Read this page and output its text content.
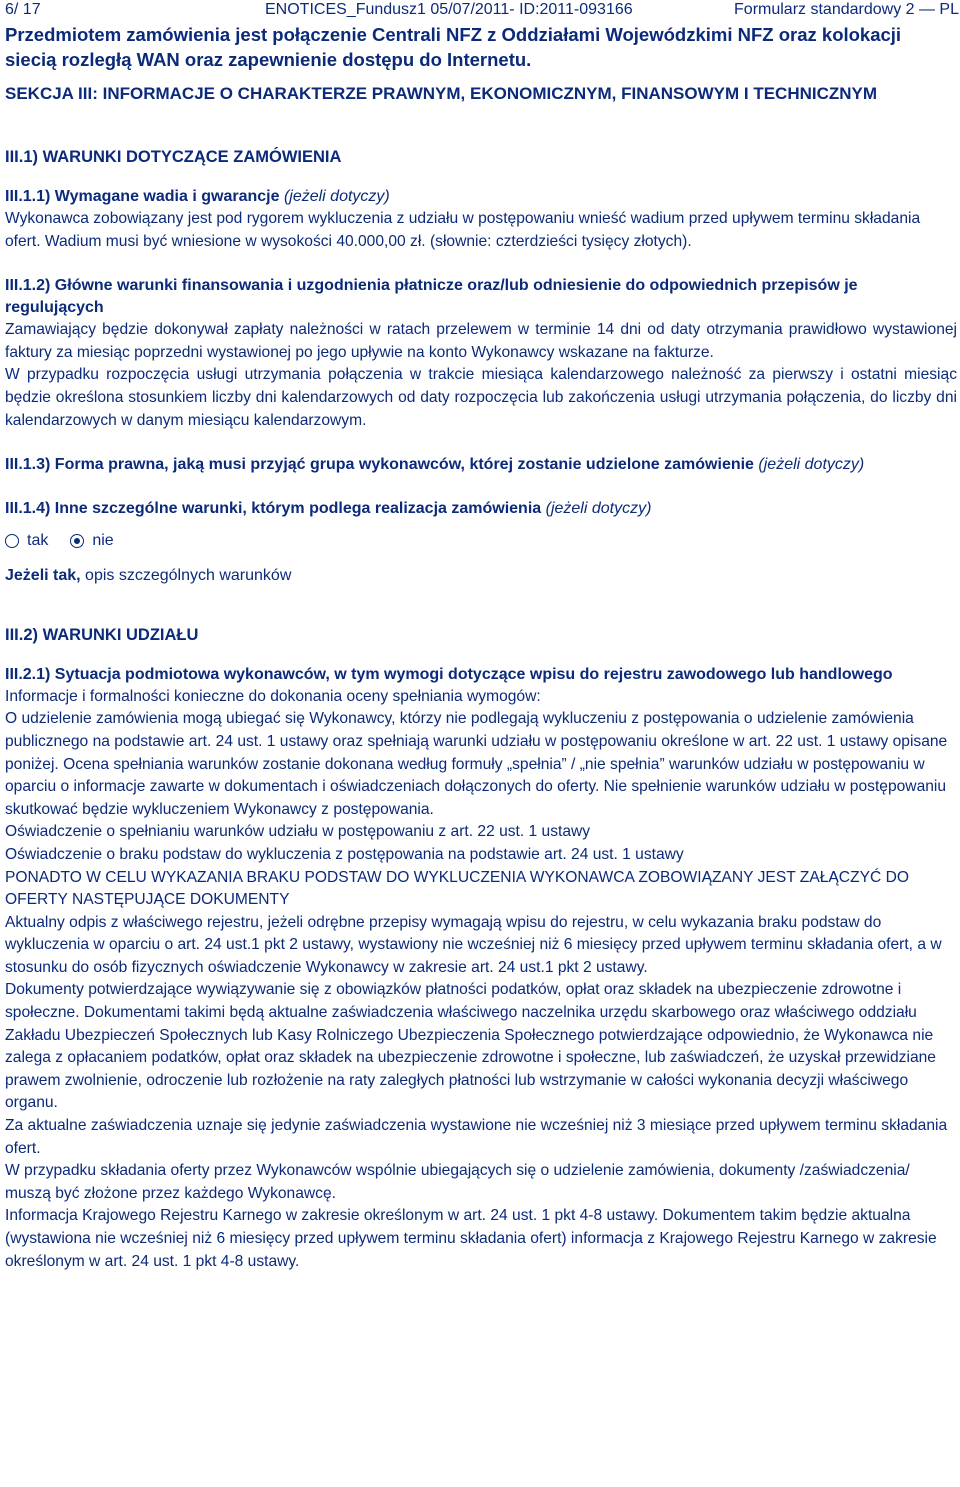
6/ 17	ENOTICES_Fundusz1 05/07/2011- ID:2011-093166	Formularz standardowy 2 — PL
Przedmiotem zamówienia jest połączenie Centrali NFZ z Oddziałami Wojewódzkimi NFZ oraz kolokacji siecią rozległą WAN oraz zapewnienie dostępu do Internetu.
SEKCJA III: INFORMACJE O CHARAKTERZE PRAWNYM, EKONOMICZNYM, FINANSOWYM I TECHNICZNYM
III.1) WARUNKI DOTYCZĄCE ZAMÓWIENIA
III.1.1) Wymagane wadia i gwarancje (jeżeli dotyczy)
Wykonawca zobowiązany jest pod rygorem wykluczenia z udziału w postępowaniu wnieść wadium przed upływem terminu składania ofert. Wadium musi być wniesione w wysokości 40.000,00 zł. (słownie: czterdzieści tysięcy złotych).
III.1.2) Główne warunki finansowania i uzgodnienia płatnicze oraz/lub odniesienie do odpowiednich przepisów je regulujących
Zamawiający będzie dokonywał zapłaty należności w ratach przelewem w terminie 14 dni od daty otrzymania prawidłowo wystawionej faktury za miesiąc poprzedni wystawionej po jego upływie na konto Wykonawcy wskazane na fakturze.
W przypadku rozpoczęcia usługi utrzymania połączenia w trakcie miesiąca kalendarzowego należność za pierwszy i ostatni miesiąc będzie określona stosunkiem liczby dni kalendarzowych od daty rozpoczęcia lub zakończenia usługi utrzymania połączenia, do liczby dni kalendarzowych w danym miesiącu kalendarzowym.
III.1.3) Forma prawna, jaką musi przyjąć grupa wykonawców, której zostanie udzielone zamówienie (jeżeli dotyczy)
III.1.4) Inne szczególne warunki, którym podlega realizacja zamówienia (jeżeli dotyczy)
tak	nie
Jeżeli tak, opis szczególnych warunków
III.2) WARUNKI UDZIAŁU
III.2.1) Sytuacja podmiotowa wykonawców, w tym wymogi dotyczące wpisu do rejestru zawodowego lub handlowego
Informacje i formalności konieczne do dokonania oceny spełniania wymogów:
O udzielenie zamówienia mogą ubiegać się Wykonawcy, którzy nie podlegają wykluczeniu z postępowania o udzielenie zamówienia publicznego na podstawie art. 24 ust. 1 ustawy oraz spełniają warunki udziału w postępowaniu określone w art. 22 ust. 1 ustawy opisane poniżej. Ocena spełniania warunków zostanie dokonana według formuły „spełnia” / „nie spełnia” warunków udziału w postępowaniu w oparciu o informacje zawarte w dokumentach i oświadczeniach dołączonych do oferty. Nie spełnienie warunków udziału w postępowaniu skutkować będzie wykluczeniem Wykonawcy z postępowania.
Oświadczenie o spełnianiu warunków udziału w postępowaniu z art. 22 ust. 1 ustawy
Oświadczenie o braku podstaw do wykluczenia z postępowania na podstawie art. 24 ust. 1 ustawy
PONADTO W CELU WYKAZANIA BRAKU PODSTAW DO WYKLUCZENIA WYKONAWCA ZOBOWIĄZANY JEST ZAŁĄCZYĆ DO OFERTY NASTĘPUJĄCE DOKUMENTY
Aktualny odpis z właściwego rejestru, jeżeli odrębne przepisy wymagają wpisu do rejestru, w celu wykazania braku podstaw do wykluczenia w oparciu o art. 24 ust.1 pkt 2 ustawy, wystawiony nie wcześniej niż 6 miesięcy przed upływem terminu składania ofert, a w stosunku do osób fizycznych oświadczenie Wykonawcy w zakresie art. 24 ust.1 pkt 2 ustawy.
Dokumenty potwierdzające wywiązywanie się z obowiązków płatności podatków, opłat oraz składek na ubezpieczenie zdrowotne i społeczne. Dokumentami takimi będą aktualne zaświadczenia właściwego naczelnika urzędu skarbowego oraz właściwego oddziału Zakładu Ubezpieczeń Społecznych lub Kasy Rolniczego Ubezpieczenia Społecznego potwierdzające odpowiednio, że Wykonawca nie zalega z opłacaniem podatków, opłat oraz składek na ubezpieczenie zdrowotne i społeczne, lub zaświadczeń, że uzyskał przewidziane prawem zwolnienie, odroczenie lub rozłożenie na raty zaległych płatności lub wstrzymanie w całości wykonania decyzji właściwego organu.
Za aktualne zaświadczenia uznaje się jedynie zaświadczenia wystawione nie wcześniej niż 3 miesiące przed upływem terminu składania ofert.
W przypadku składania oferty przez Wykonawców wspólnie ubiegających się o udzielenie zamówienia, dokumenty /zaświadczenia/ muszą być złożone przez każdego Wykonawcę.
Informacja Krajowego Rejestru Karnego w zakresie określonym w art. 24 ust. 1 pkt 4-8 ustawy. Dokumentem takim będzie aktualna (wystawiona nie wcześniej niż 6 miesięcy przed upływem terminu składania ofert) informacja z Krajowego Rejestru Karnego w zakresie określonym w art. 24 ust. 1 pkt 4-8 ustawy.
